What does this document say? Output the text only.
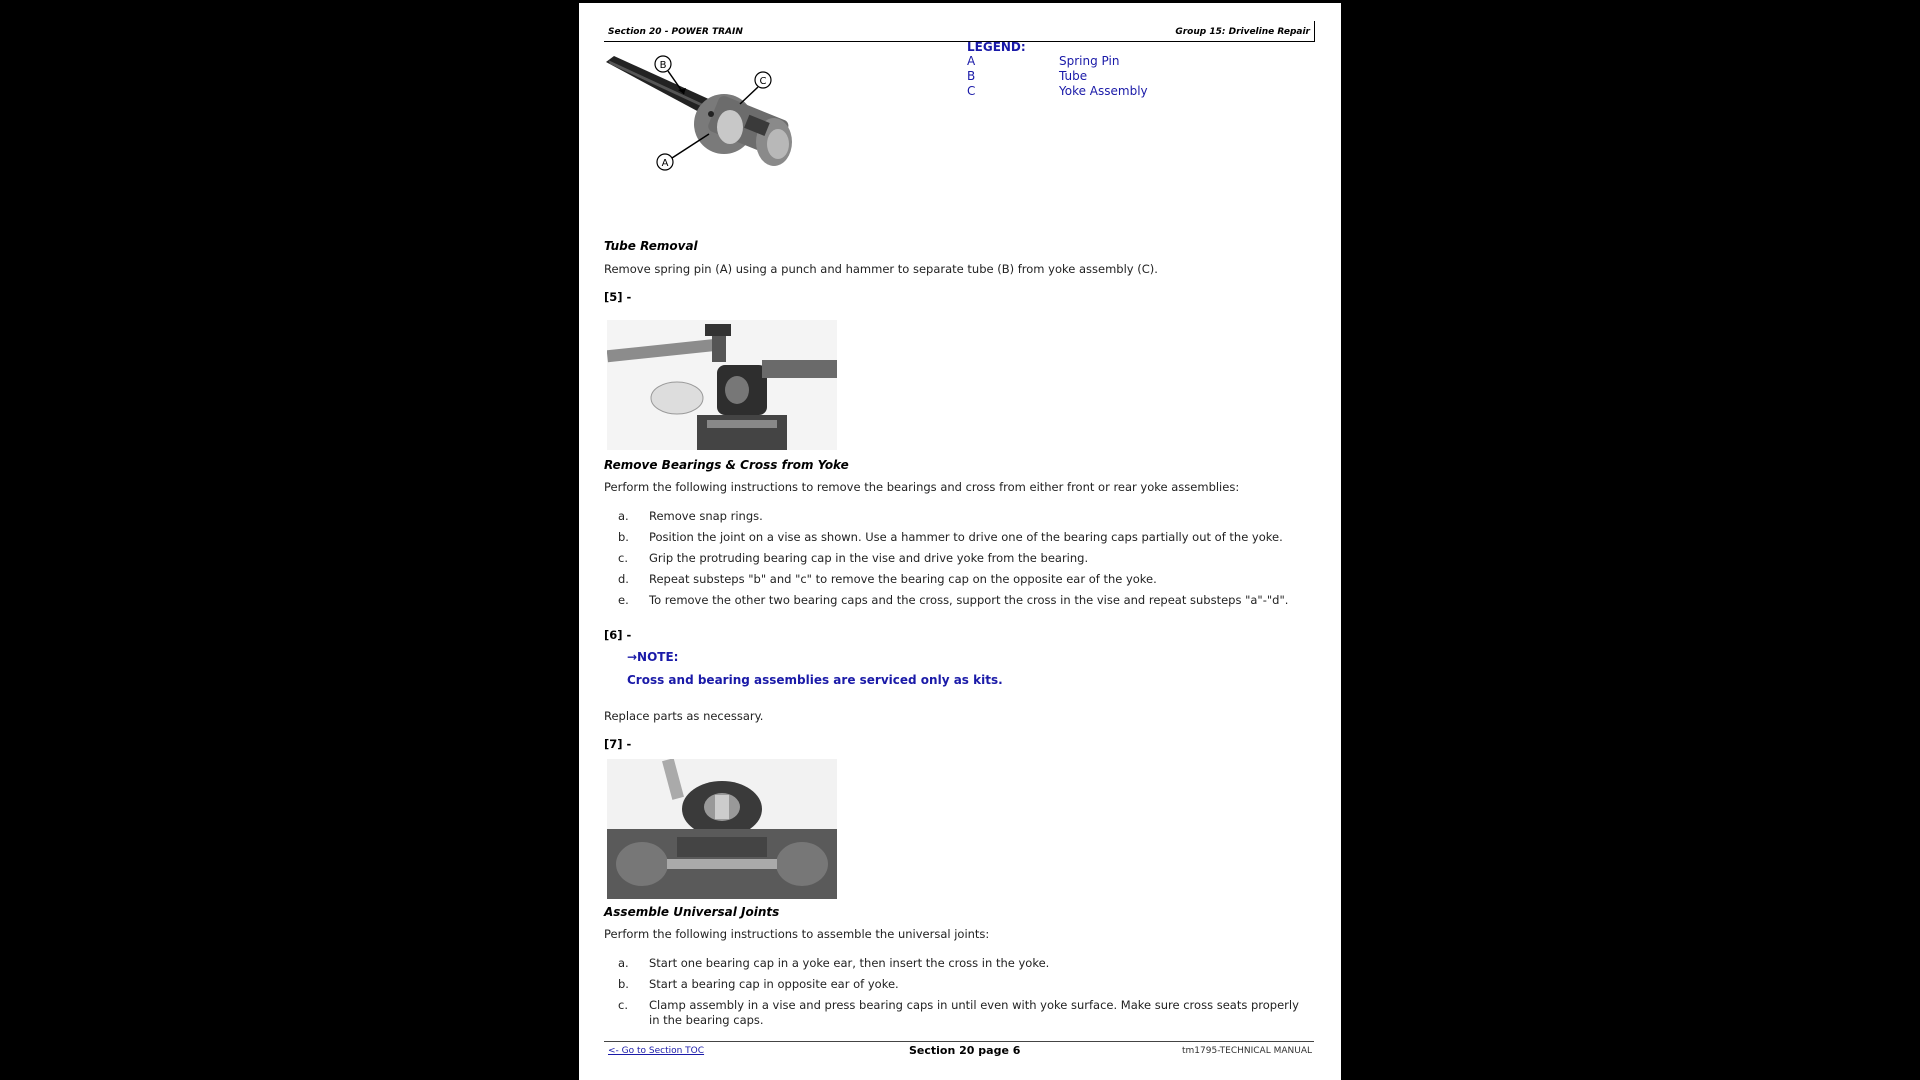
Section 20 - POWER TRAIN	Group 15: Driveline Repair
B
C
A
LEGEND:
A	Spring Pin
B	Tube
C	Yoke Assembly
Tube Removal
Remove spring pin (A) using a punch and hammer to separate tube (B) from yoke assembly (C).
[5] -
Remove Bearings & Cross from Yoke
Perform the following instructions to remove the bearings and cross from either front or rear yoke assemblies:
a. Remove snap rings.
b. Position the joint on a vise as shown. Use a hammer to drive one of the bearing caps partially out of the yoke.
c. Grip the protruding bearing cap in the vise and drive yoke from the bearing.
d. Repeat substeps "b" and "c" to remove the bearing cap on the opposite ear of the yoke.
e. To remove the other two bearing caps and the cross, support the cross in the vise and repeat substeps "a"-"d".
[6] -
→NOTE:
Cross and bearing assemblies are serviced only as kits.
Replace parts as necessary.
[7] -
Assemble Universal Joints
Perform the following instructions to assemble the universal joints:
a. Start one bearing cap in a yoke ear, then insert the cross in the yoke.
b. Start a bearing cap in opposite ear of yoke.
c. Clamp assembly in a vise and press bearing caps in until even with yoke surface. Make sure cross seats properly in the bearing caps.
<- Go to Section TOC	Section 20 page 6	tm1795-TECHNICAL MANUAL
